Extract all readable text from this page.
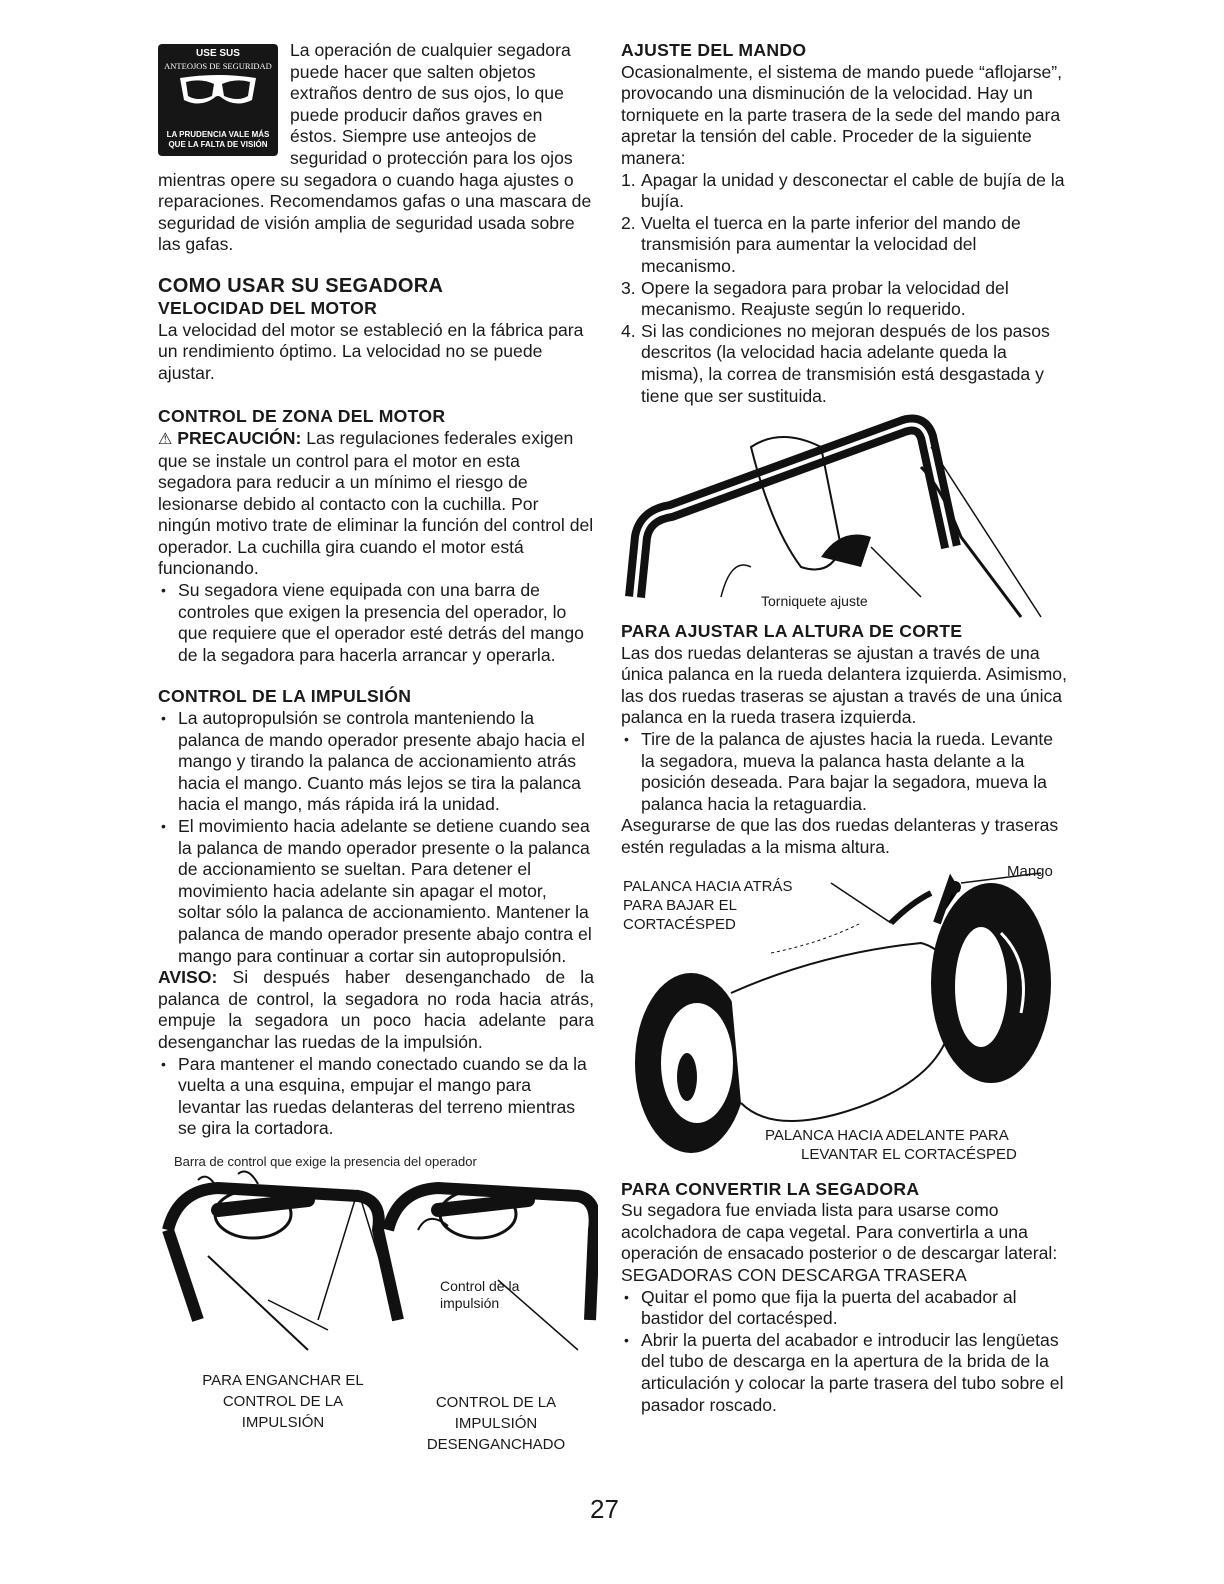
USE SUS
ANTEOJOS DE SEGURIDAD
LA PRUDENCIA VALE MÁS QUE LA FALTA DE VISIÓN

La operación de cualquier segadora puede hacer que salten objetos extraños dentro de sus ojos, lo que puede producir daños graves en éstos. Siempre use anteojos de seguridad o protección para los ojos mientras opere su segadora o cuando haga ajustes o reparaciones. Recomendamos gafas o una mascara de seguridad de visión amplia de seguridad usada sobre las gafas.

COMO USAR SU SEGADORA
VELOCIDAD DEL MOTOR

La velocidad del motor se estableció en la fábrica para un rendimiento óptimo. La velocidad no se puede ajustar.

CONTROL DE ZONA DEL MOTOR

⚠ PRECAUCIÓN: Las regulaciones federales exigen que se instale un control para el motor en esta segadora para reducir a un mínimo el riesgo de lesionarse debido al contacto con la cuchilla. Por ningún motivo trate de eliminar la función del control del operador. La cuchilla gira cuando el motor está funcionando.

• Su segadora viene equipada con una barra de controles que exigen la presencia del operador, lo que requiere que el operador esté detrás del mango de la segadora para hacerla arrancar y operarla.
CONTROL DE LA IMPULSIÓN
• La autopropulsión se controla manteniendo la palanca de mando operador presente abajo hacia el mango y tirando la palanca de accionamiento atrás hacia el mango. Cuanto más lejos se tira la palanca hacia el mango, más rápida irá la unidad.
• El movimiento hacia adelante se detiene cuando sea la palanca de mando operador presente o la palanca de accionamiento se sueltan. Para detener el movimiento hacia adelante sin apagar el motor, soltar sólo la palanca de accionamiento. Mantener la palanca de mando operador presente abajo contra el mango para continuar a cortar sin autopropulsión.

AVISO: Si después haber desenganchado de la palanca de control, la segadora no roda hacia atrás, empuje la segadora un poco hacia adelante para desenganchar las ruedas de la impulsión.

• Para mantener el mando conectado cuando se da la vuelta a una esquina, empujar el mango para levantar las ruedas delanteras del terreno mientras se gira la cortadora.
Barra de control que exige la presencia del operador
Control de la impulsión
PARA ENGANCHAR EL CONTROL DE LA IMPULSIÓN
CONTROL DE LA IMPULSIÓN DESENGANCHADO
27
AJUSTE DEL MANDO

Ocasionalmente, el sistema de mando puede “aflojarse”, provocando una disminución de la velocidad. Hay un torniquete en la parte trasera de la sede del mando para apretar la tensión del cable. Proceder de la siguiente manera:

1. Apagar la unidad y desconectar el cable de bujía de la bujía.
2. Vuelta el tuerca en la parte inferior del mando de transmisión para aumentar la velocidad del mecanismo.
3. Opere la segadora para probar la velocidad del mecanismo. Reajuste según lo requerido.
4. Si las condiciones no mejoran después de los pasos descritos (la velocidad hacia adelante queda la misma), la correa de transmisión está desgastada y tiene que ser sustituida.
Torniquete ajuste
PARA AJUSTAR LA ALTURA DE CORTE

Las dos ruedas delanteras se ajustan a través de una única palanca en la rueda delantera izquierda. Asimismo, las dos ruedas traseras se ajustan a través de una única palanca en la rueda trasera izquierda.

• Tire de la palanca de ajustes hacia la rueda. Levante la segadora, mueva la palanca hasta delante a la posición deseada. Para bajar la segadora, mueva la palanca hacia la retaguardia.

Asegurarse de que las dos ruedas delanteras y traseras estén reguladas a la misma altura.

PALANCA HACIA ATRÁS PARA BAJAR EL CORTACÉSPED
Mango
PALANCA HACIA ADELANTE PARA
LEVANTAR EL CORTACÉSPED
PARA CONVERTIR LA SEGADORA

Su segadora fue enviada lista para usarse como acolchadora de capa vegetal. Para convertirla a una operación de ensacado posterior o de descargar lateral:

SEGADORAS CON DESCARGA TRASERA

• Quitar el pomo que fija la puerta del acabador al bastidor del cortacésped.
• Abrir la puerta del acabador e introducir las lengüetas del tubo de descarga en la apertura de la brida de la articulación y colocar la parte trasera del tubo sobre el pasador roscado.
